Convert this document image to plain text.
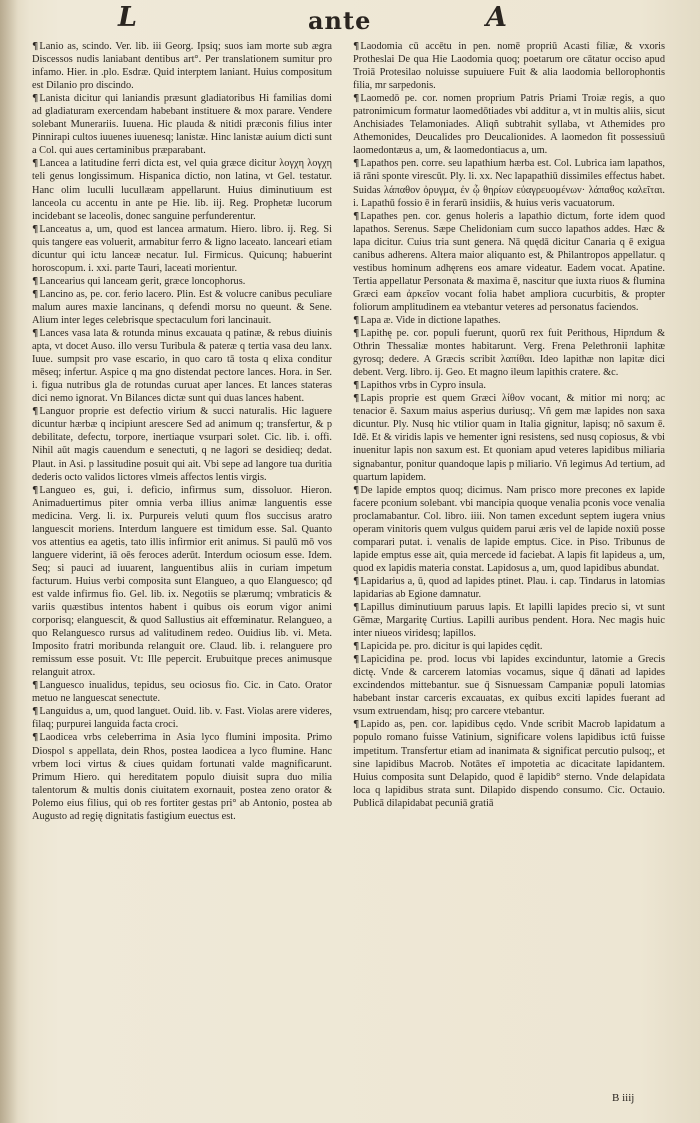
L	ante	A

¶Lanio as, scindo. Ver. lib. iii Georg. Ipsiq; suos iam morte sub ægra Discessos nudis laniabant dentibus art°. Per translationem sumitur pro infamo. Hier. in .plo. Esdræ. Quid interptem laniant. Huius compositum est Dilanio pro discindo.

¶Lanista dicitur qui laniandis præsunt gladiatoribus Hi familias domi ad gladiaturam exercendam habebant instituere & mox parare. Vendere solebant Munerariis. Iuuena. Hic plauda & nitidi præconis filius inter Pinnirapi cultos iuuenes iuuenesq; lanistæ. Hinc lanistæ auium dicti sunt a Col. qui aues certaminibus præparabant.

¶Lancea a latitudine ferri dicta est, vel quia græce dicitur λογχη λογχη teli genus longissimum. Hispanica dictio, non latina, vt Gel. testatur. Hanc olim luculli lucullæam appellarunt. Huius diminutiuum est lanceola cu accentu in ante pe Hie. lib. iij. Reg. Prophetæ lucorum incidebant se laceolis, donec sanguine perfunderentur.

¶Lanceatus a, um, quod est lancea armatum. Hiero. libro. ij. Reg. Si quis tangere eas voluerit, armabitur ferro & ligno laceato. lanceari etiam dicuntur qui ictu lanceæ necatur. Iul. Firmicus. Quicunq; habuerint horoscopum. i. xxi. parte Tauri, laceati morientur.

¶Lancearius qui lanceam gerit, græce loncophorus.

¶Lancino as, pe. cor. ferio lacero. Plin. Est & volucre canibus peculiare malum aures maxie lancinans, q defendi morsu no queunt. & Sene. Alium inter leges celebrisque spectaculum fori lancinauit.

¶Lances vasa lata & rotunda minus excauata q patinæ, & rebus diuinis apta, vt docet Auso. illo versu Turibula & pateræ q tertia vasa deu lanx. Iuue. sumpsit pro vase escario, in quo caro tā tosta q elixa conditur mēseq; infertur. Aspice q ma gno distendat pectore lances. Hora. in Ser. i. figua nutribus gla de rotundas curuat aper lances. Et lances stateras dici nemo ignorat. Vn Bilances dictæ sunt qui duas lances habent.

¶Languor proprie est defectio virium & succi naturalis. Hic laguere dicuntur hærbæ q incipiunt arescere Sed ad animum q; transfertur, & p debilitate, defectu, torpore, inertiaque vsurpari solet. Cic. lib. i. offi. Nihil aūt magis cauendum e senectuti, q ne lagori se desidieq; dedat. Plaut. in Asi. p lassitudine posuit qui ait. Vbi sepe ad langore tua duritia dederis octo validos lictores vlmeis affectos lentis virgis.

¶Langueo es, gui, i. deficio, infirmus sum, dissoluor. Hieron. Animaduertimus piter omnia verba illius animæ languentis esse medicina. Verg. li. ix. Purpureis veluti quum flos succisus aratro languescit moriens. Interdum languere est timidum esse. Sal. Quanto vos attentius ea agetis, tato illis infirmior erit animus. Si paulū mō vos languere viderint, iā oēs feroces aderūt. Interdum ociosum esse. Idem. Seq; si pauci ad iuuarent, languentibus aliis in curiam impetum facturum. Huius verbi composita sunt Elangueo, a quo Elanguesco; qđ est valde infirmus fio. Gel. lib. ix. Negotiis se plærumq; vmbraticis & variis quæstibus intentos habent i quibus ois eorum vigor animi corporisq; elanguescit, & quod Sallustius ait effœminatur. Relangueo, a quo Relanguesco rursus ad valitudinem redeo. Ouidius lib. vi. Meta. Imposito fratri moribunda relanguit ore. Claud. lib. i. relanguere pro remissum esse posuit. Vt: Ille pepercit. Erubuitque preces animusque relanguit atrox.

¶Languesco inualidus, tepidus, seu ociosus fio. Cic. in Cato. Orator metuo ne languescat senectute.

¶Languidus a, um, quod languet. Ouid. lib. v. Fast. Violas arere videres, filaq; purpurei languida facta croci.

¶Laodicea vrbs celeberrima in Asia lyco flumini imposita. Primo Diospol s appellata, dein Rhos, postea laodicea a lyco flumine. Hanc vrbem loci virtus & ciues quidam fortunati valde magnificarunt. Primum Hiero. qui hereditatem populo diuisit supra duo milia talentorum & multis donis ciuitatem exornauit, postea zeno orator & Polemo eius filius, qui ob res fortiter gestas pri° ab Antonio, postea ab Augusto ad regię dignitatis fastigium euectus est.

¶Laodomia cū accētu in pen. nomē propriū Acasti filiæ, & vxoris Protheslai De qua Hie Laodomia quoq; poetarum ore cātatur occiso apud Troiā Protesilao noluisse supuiuere Fuit & alia laodomia bellorophontis filia, mr sarpedonis.

¶Laomedō pe. cor. nomen proprium Patris Priami Troiæ regis, a quo patronimicum formatur laomedōtiades vbi additur a, vt in multis aliis, sicut Anchisiades Telamoniades. Aliqñ subtrahit syllaba, vt Athemides pro Athemonides, Deucalides pro Deucalionides. A laomedon fit possessiuū laomedontæus a, um, & laomedontiacus a, um.

¶Lapathos pen. corre. seu lapathium hærba est. Col. Lubrica iam lapathos, iā rāni sponte virescūt. Ply. li. xx. Nec lapapathiū dissimiles effectus habet. Suidas λάπαθον ὀρυγμα, ἐν ᾧ θηρίων εὐαγρευομένων· λάπαθος καλεῖται. i. Lapathū fossio ē in ferarū insidiis, & huius veris vacuatorum.

¶Lapathes pen. cor. genus holeris a lapathio dictum, forte idem quod lapathos. Serenus. Sæpe Chelidoniam cum succo lapathos addes. Hæc & lapa dicitur. Cuius tria sunt genera. Nā quędā dicitur Canaria q ē exigua canibus adherens. Altera maior aliquanto est, & Philantropos appellatur. q vestibus hominum adhęrens eos amare videatur. Eadem vocat. Apatine. Tertia appellatur Personata & maxima ē, nascitur que iuxta riuos & flumina Græci eam ἀρκεῖον vocant folia habet ampliora cucurbitis, & propter foliorum amplitudinem ea vtebantur veteres ad personatus faciendos.

¶Lapa æ. Vide in dictione lapathes.

¶Lapithę pe. cor. populi fuerunt, quorū rex fuit Perithous, Hipπdum & Othrin Thessaliæ montes habitarunt. Verg. Frena Pelethronii laphitæ gyrosq; dedere. A Græcis scribit λαπίθαι. Ideo lapithæ non lapitæ dici debent. Verg. libro. ij. Geo. Et magno ileum lapithis cratere. &c.

¶Lapithos vrbs in Cypro insula.

¶Lapis proprie est quem Græci λίθον vocant, & mitior mi norq; ac tenacior ē. Saxum maius asperius duriusq;. Vñ gem mæ lapides non saxa dicuntur. Ply. Nusq hic vtilior quam in Italia gignitur, lapisq; nō saxum ē. Idē. Et & viridis lapis ve hementer igni resistens, sed nusq copiosus, & vbi inuenitur lapis non saxum est. Et quoniam apud veteres lapidibus miliaria signabantur, ponitur quandoque lapis p miliario. Vñ legimus Ad tertium, ad quartum lapidem.

¶De lapide emptos quoq; dicimus. Nam prisco more precones ex lapide facere pconium solebant. vbi mancipia quoque venalia pconis voce venalia proclamabantur. Col. libro. iiii. Non tamen excedunt septem iugera vnius operam vinitoris quem vulgus quidem parui æris vel de lapide noxiū posse comparari putat. i. venalis de lapide emptus. Cice. in Piso. Tribunus de lapide emptus esse ait, quia mercede id faciebat. A lapis fit lapideus a, um, quod ex lapidis materia constat. Lapidosus a, um, quod lapidibus abundat.

¶Lapidarius a, ū, quod ad lapides ptinet. Plau. i. cap. Tindarus in latomias lapidarias ab Egione damnatur.

¶Lapillus diminutiuum paruus lapis. Et lapilli lapides precio si, vt sunt Gēmæ, Margaritę Curtius. Lapilli auribus pendent. Hora. Nec magis huic inter niueos viridesq; lapillos.

¶Lapicida pe. pro. dicitur is qui lapides cędit.

¶Lapicidina pe. prod. locus vbi lapides excinduntur, latomie a Grecis dictę. Vnde & carcerem latomias vocamus, sique q̄ dānati ad lapides excindendos mittebantur. sue q̄ Sisnuessam Campaniæ populi latomias habebant instar carceris excauatas, ex quibus exciti lapides fuerant ad vsum extruendam, hisq; pro carcere vtebantur.

¶Lapido as, pen. cor. lapidibus cędo. Vnde scribit Macrob lapidatum a populo romano fuisse Vatinium, significare volens lapidibus ictū fuisse impetitum. Transfertur etiam ad inanimata & significat percutio pulsoq;, et sine lapidibus Macrob. Notātes eī impotetia ac dicacitate lapidantem. Huius composita sunt Delapido, quod ē lapidib° sterno. Vnde delapidata loca q lapidibus strata sunt. Dilapido dispendo consumo. Cic. Octauio. Publicā dilapidabat pecuniā gratiā

B iiij
